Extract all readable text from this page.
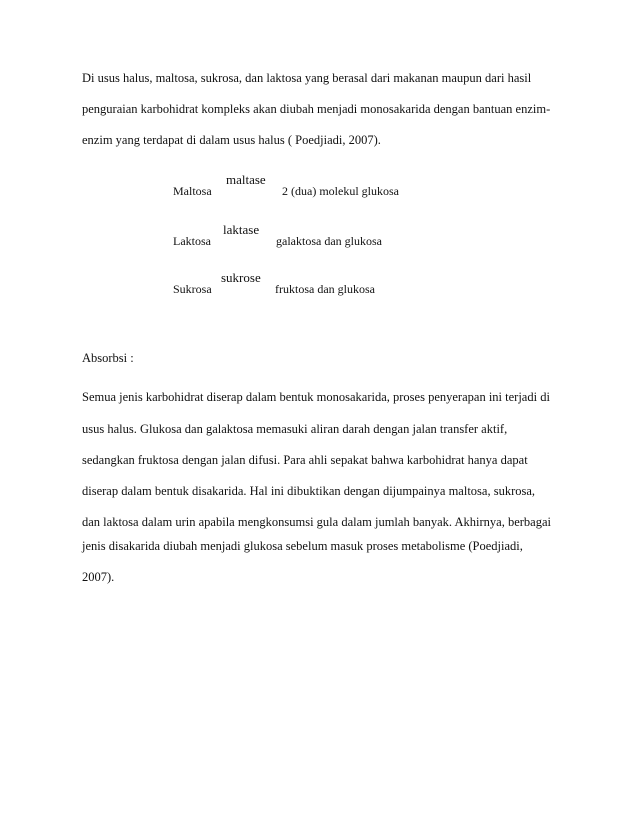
Di usus halus, maltosa, sukrosa, dan laktosa yang berasal dari makanan maupun dari hasil
penguraian karbohidrat kompleks akan diubah menjadi monosakarida dengan bantuan enzim-
enzim yang terdapat di dalam usus halus ( Poedjiadi, 2007).
Maltosa
maltase
2 (dua) molekul glukosa
Laktosa
laktase
galaktosa dan glukosa
Sukrosa
sukrose
fruktosa dan glukosa
Absorbsi :
Semua jenis karbohidrat diserap dalam bentuk monosakarida, proses penyerapan ini terjadi di
usus halus. Glukosa dan galaktosa memasuki aliran darah dengan jalan transfer aktif,
sedangkan fruktosa dengan jalan difusi. Para ahli sepakat bahwa karbohidrat hanya dapat
diserap dalam bentuk disakarida. Hal ini dibuktikan dengan dijumpainya maltosa, sukrosa,
dan laktosa dalam urin apabila mengkonsumsi gula dalam jumlah banyak. Akhirnya, berbagai
jenis disakarida diubah menjadi glukosa sebelum masuk proses metabolisme (Poedjiadi,
2007).
